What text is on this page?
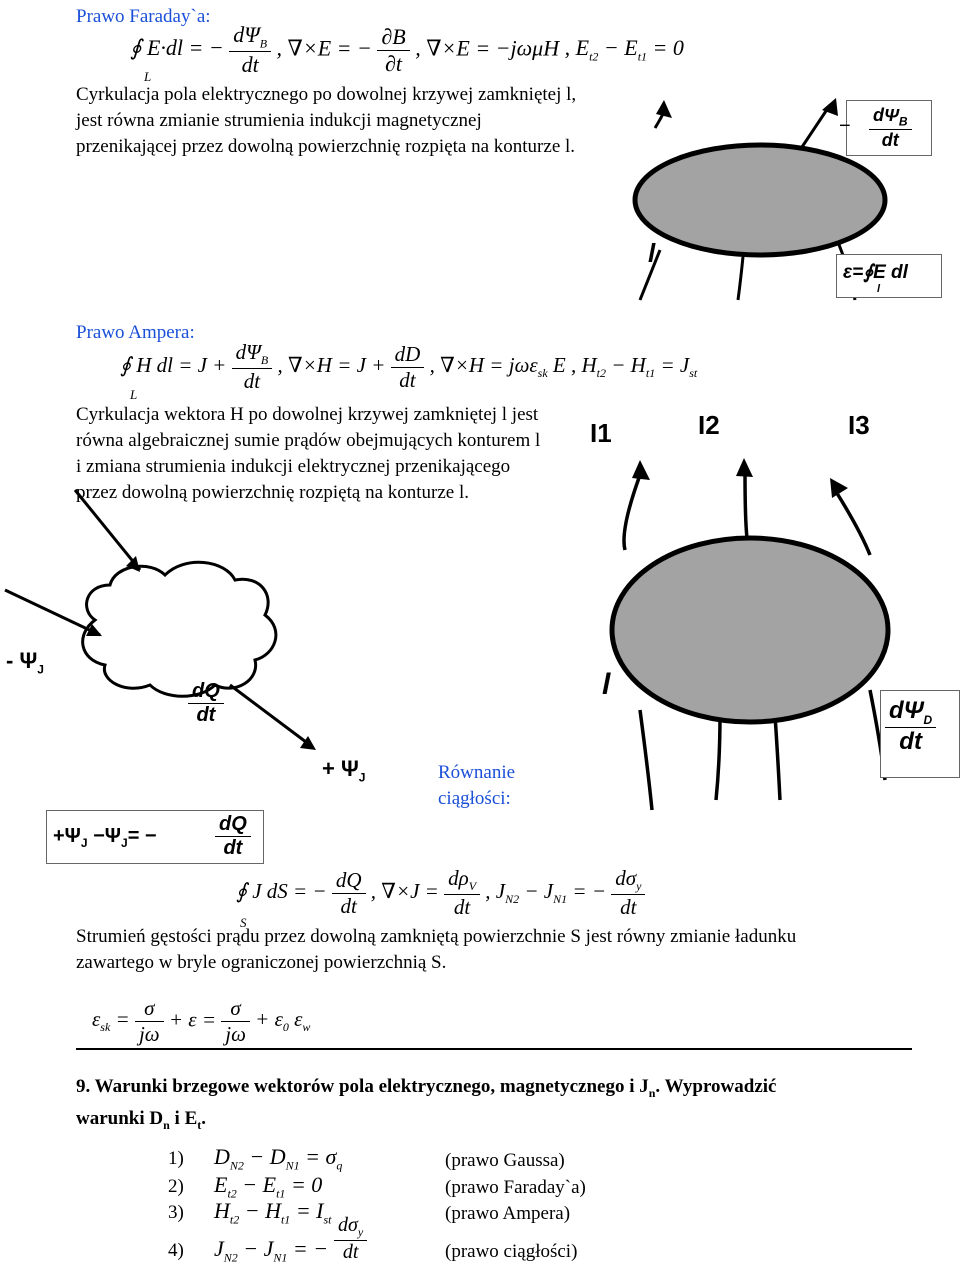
Prawo Faraday`a:
∮ E·dl = −
L
	$\frac{d\Psi_B}{dt}$ , ∇×E = − $\frac{\partial B}{\partial t}$ , ∇×E = −jωμH , $E_{t2} - E_{t1} = 0$
Cyrkulacja pola elektrycznego po dowolnej krzywej zamkniętej l,
jest równa zmianie strumienia indukcji magnetycznej
przenikającej przez dowolną powierzchnię rozpięta na konturze l.
− $d\Psi_B$
dt
l
ε=∮E dl
l
Prawo Ampera:
∮ H dl = J +
L

$\frac{d\Psi_B}{dt}$ , $\nabla\times H = J + \frac{dD}{dt}$ , ∇×H = jωε$_{sk}$ E , $H_{t2} - H_{t1} = J_{st}$
Cyrkulacja wektora H po dowolnej krzywej zamkniętej l jest
równa algebraicznej sumie prądów obejmujących konturem l
i zmiana strumienia indukcji elektrycznej przenikającego
przez dowolną powierzchnię rozpiętą na konturze l.
I1	I2	I3
l
$d\Psi_D$
dt
- $\Psi_J$
$\frac{dQ}{dt}$
+ $\Psi_J$
$+\Psi_J -\Psi_J=$ −	$\frac{dQ}{dt}$
Równanie
ciągłości:
∮ J dS = −
S

$\frac{dQ}{dt}$ , $\nabla\times J = \frac{d\rho_V}{dt}$ , $J_{N2} - J_{N1}$ = − $\frac{d\sigma_y}{dt}$
Strumień gęstości prądu przez dowolną zamkniętą powierzchnie S jest równy zmianie ładunku
zawartego w bryle ograniczonej powierzchnią S.
$\varepsilon_{sk} = \frac{\sigma}{j\omega} + \varepsilon = \frac{\sigma}{j\omega} + \varepsilon_0$ $\varepsilon_w$
9. Warunki brzegowe wektorów pola elektrycznego, magnetycznego i $J_n$. Wyprowadzić
warunki $D_n$ i $E_t$.
1) $D_{N2} - D_{N1} = \sigma_q$	(prawo Gaussa)
2) $E_{t2} - E_{t1} = 0$	(prawo Faraday`a)
3) $H_{t2} - H_{t1} = I_{st}$	(prawo Ampera)
4) $J_{N2} - J_{N1}$ = −
$d\sigma_y$
dt	(prawo ciągłości)
